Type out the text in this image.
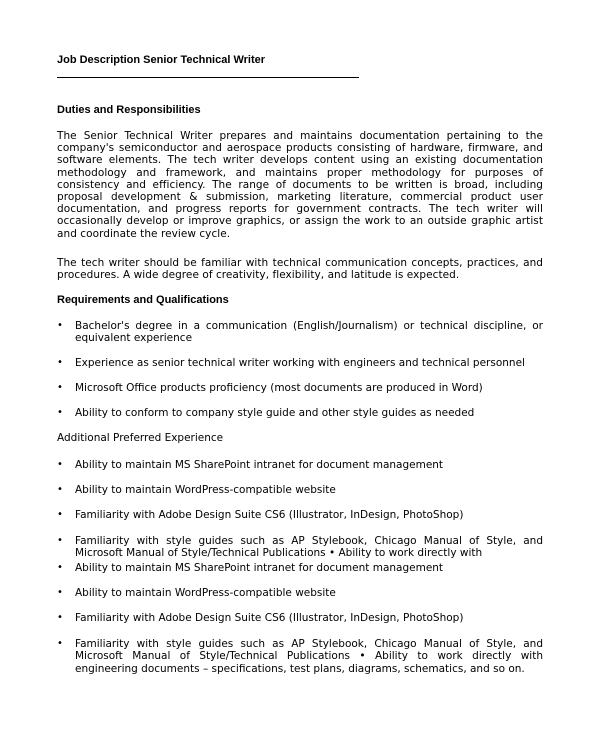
Job Description Senior Technical Writer
Duties and Responsibilities
The Senior Technical Writer prepares and maintains documentation pertaining to the company's semiconductor and aerospace products consisting of hardware, firmware, and software elements. The tech writer develops content using an existing documentation methodology and framework, and maintains proper methodology for purposes of consistency and efficiency. The range of documents to be written is broad, including proposal development & submission, marketing literature, commercial product user documentation, and progress reports for government contracts. The tech writer will occasionally develop or improve graphics, or assign the work to an outside graphic artist and coordinate the review cycle.
The tech writer should be familiar with technical communication concepts, practices, and procedures. A wide degree of creativity, flexibility, and latitude is expected.
Requirements and Qualifications
• Bachelor's degree in a communication (English/Journalism) or technical discipline, or equivalent experience
• Experience as senior technical writer working with engineers and technical personnel
• Microsoft Office products proficiency (most documents are produced in Word)
• Ability to conform to company style guide and other style guides as needed
Additional Preferred Experience
• Ability to maintain MS SharePoint intranet for document management
• Ability to maintain WordPress-compatible website
• Familiarity with Adobe Design Suite CS6 (Illustrator, InDesign, PhotoShop)
• Familiarity with style guides such as AP Stylebook, Chicago Manual of Style, and Microsoft Manual of Style/Technical Publications • Ability to work directly with
• Ability to maintain MS SharePoint intranet for document management
• Ability to maintain WordPress-compatible website
• Familiarity with Adobe Design Suite CS6 (Illustrator, InDesign, PhotoShop)
• Familiarity with style guides such as AP Stylebook, Chicago Manual of Style, and Microsoft Manual of Style/Technical Publications • Ability to work directly with engineering documents – specifications, test plans, diagrams, schematics, and so on.
